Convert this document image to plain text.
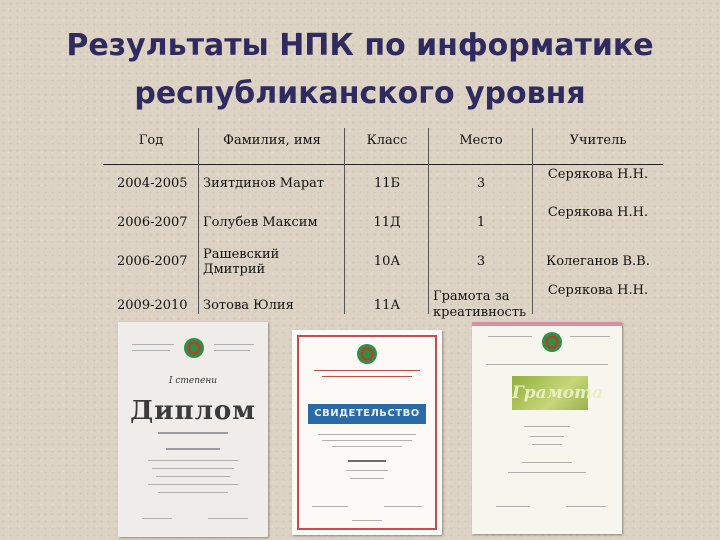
Результаты НПК по информатике
республиканского уровня
Год	Фамилия, имя	Класс	Место	Учитель
2004-2005	Зиятдинов Марат	11Б	3	Серякова Н.Н.
2006-2007	Голубев Максим	11Д	1	Серякова Н.Н.
2006-2007	Рашевский Дмитрий	10А	3	Колеганов В.В.
2009-2010	Зотова Юлия	11А	Грамота за креативность	Серякова Н.Н.
I степени
Диплом	СВИДЕТЕЛЬСТВО
Грамота
